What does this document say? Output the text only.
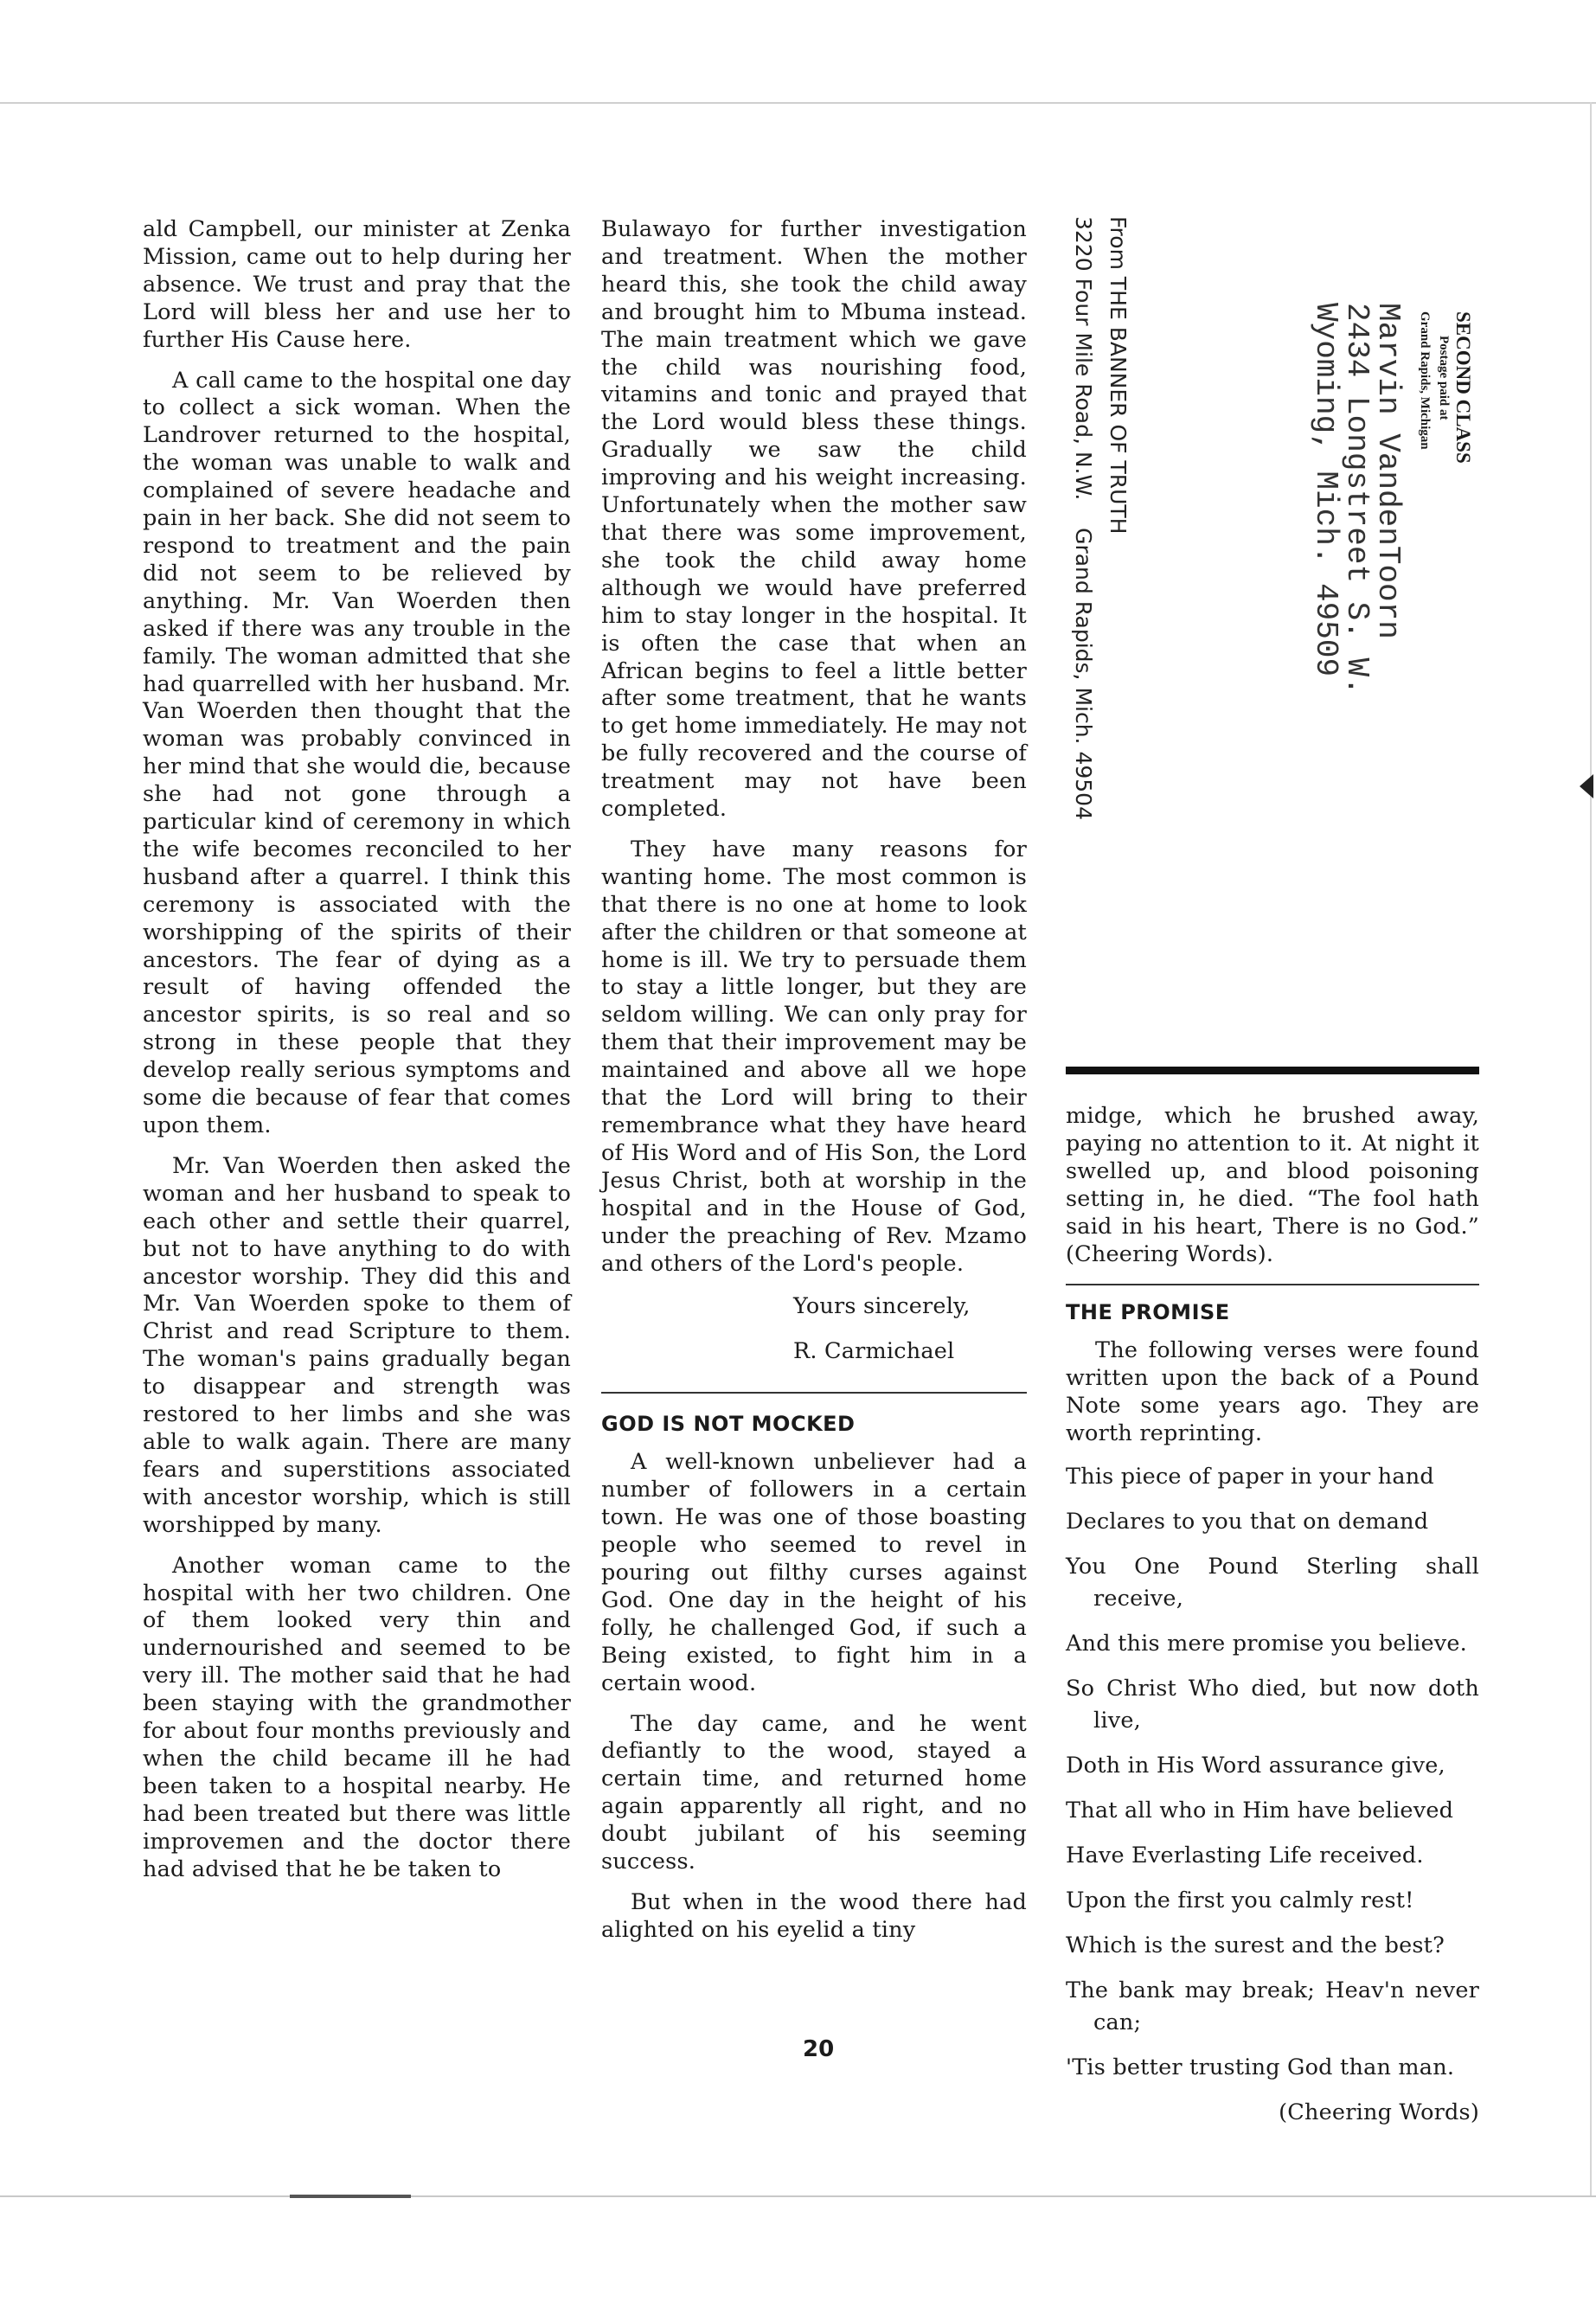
ald Campbell, our minister at Zenka Mission, came out to help during her absence. We trust and pray that the Lord will bless her and use her to further His Cause here.

A call came to the hospital one day to collect a sick woman. When the Landrover returned to the hospital, the woman was unable to walk and complained of severe headache and pain in her back. She did not seem to respond to treatment and the pain did not seem to be relieved by anything. Mr. Van Woerden then asked if there was any trouble in the family. The woman admitted that she had quarrelled with her husband. Mr. Van Woerden then thought that the woman was probably convinced in her mind that she would die, because she had not gone through a particular kind of ceremony in which the wife becomes reconciled to her husband after a quarrel. I think this ceremony is associated with the worshipping of the spirits of their ancestors. The fear of dying as a result of having offended the ancestor spirits, is so real and so strong in these people that they develop really serious symptoms and some die because of fear that comes upon them.

Mr. Van Woerden then asked the woman and her husband to speak to each other and settle their quarrel, but not to have anything to do with ancestor worship. They did this and Mr. Van Woerden spoke to them of Christ and read Scripture to them. The woman's pains gradually began to disappear and strength was restored to her limbs and she was able to walk again. There are many fears and superstitions associated with ancestor worship, which is still worshipped by many.

Another woman came to the hospital with her two children. One of them looked very thin and undernourished and seemed to be very ill. The mother said that he had been staying with the grandmother for about four months previously and when the child became ill he had been taken to a hospital nearby. He had been treated but there was little improvemen and the doctor there had advised that he be taken to

Bulawayo for further investigation and treatment. When the mother heard this, she took the child away and brought him to Mbuma instead. The main treatment which we gave the child was nourishing food, vitamins and tonic and prayed that the Lord would bless these things. Gradually we saw the child improving and his weight increasing. Unfortunately when the mother saw that there was some improvement, she took the child away home although we would have preferred him to stay longer in the hospital. It is often the case that when an African begins to feel a little better after some treatment, that he wants to get home immediately. He may not be fully recovered and the course of treatment may not have been completed.

They have many reasons for wanting home. The most common is that there is no one at home to look after the children or that someone at home is ill. We try to persuade them to stay a little longer, but they are seldom willing. We can only pray for them that their improvement may be maintained and above all we hope that the Lord will bring to their remembrance what they have heard of His Word and of His Son, the Lord Jesus Christ, both at worship in the hospital and in the House of God, under the preaching of Rev. Mzamo and others of the Lord's people.

Yours sincerely,

R. Carmichael

GOD IS NOT MOCKED

A well-known unbeliever had a number of followers in a certain town. He was one of those boasting people who seemed to revel in pouring out filthy curses against God. One day in the height of his folly, he challenged God, if such a Being existed, to fight him in a certain wood.

The day came, and he went defiantly to the wood, stayed a certain time, and returned home again apparently all right, and no doubt jubilant of his seeming success.

But when in the wood there had alighted on his eyelid a tiny

midge, which he brushed away, paying no attention to it. At night it swelled up, and blood poisoning setting in, he died. “The fool hath said in his heart, There is no God.” (Cheering Words).

THE PROMISE

The following verses were found written upon the back of a Pound Note some years ago. They are worth reprinting.

This piece of paper in your hand

Declares to you that on demand

You One Pound Sterling shall receive,

And this mere promise you believe.

So Christ Who died, but now doth live,

Doth in His Word assurance give,

That all who in Him have believed

Have Everlasting Life received.

Upon the first you calmly rest!

Which is the surest and the best?

The bank may break; Heav'n never can;

'Tis better trusting God than man.

(Cheering Words)
SECOND CLASS
Postage paid at
Grand Rapids, Michigan
Marvin VandenToorn
2434 Longstreet S. W.
Wyoming, Mich. 49509
From THE BANNER OF TRUTH
3220 Four Mile Road, N.W.    Grand Rapids, Mich. 49504
20
